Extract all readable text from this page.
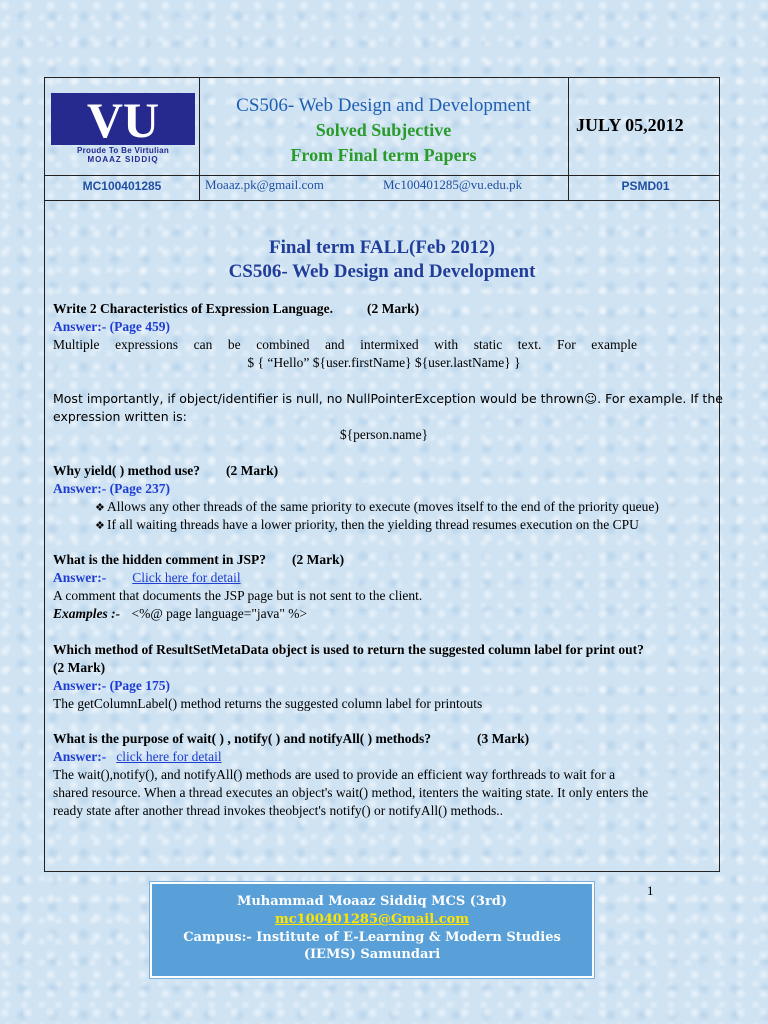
VU
Proude To Be Virtulian
MOAAZ SIDDIQ
CS506- Web Design and Development
Solved Subjective
From Final term Papers
JULY 05,2012
MC100401285	Moaaz.pk@gmail.com	Mc100401285@vu.edu.pk	PSMD01
Final term FALL(Feb 2012)
CS506- Web Design and Development
Write 2 Characteristics of Expression Language.	(2 Mark)
Answer:- (Page 459)
Multiple expressions can be combined and intermixed with static text. For example
$ { “Hello” ${user.firstName} ${user.lastName} }
Most importantly, if object/identifier is null, no NullPointerException would be thrown☺. For example. If the
expression written is:
${person.name}
Why yield( ) method use? (2 Mark)
Answer:- (Page 237)
❖ Allows any other threads of the same priority to execute (moves itself to the end of the priority queue)
❖ If all waiting threads have a lower priority, then the yielding thread resumes execution on the CPU
What is the hidden comment in JSP? (2 Mark)
Answer:- Click here for detail
A comment that documents the JSP page but is not sent to the client.
Examples :- <%@ page language="java" %>
Which method of ResultSetMetaData object is used to return the suggested column label for print out?
(2 Mark)
Answer:- (Page 175)
The getColumnLabel() method returns the suggested column label for printouts
What is the purpose of wait( ) , notify( ) and notifyAll( ) methods?	(3 Mark)
Answer:- click here for detail
The wait(),notify(), and notifyAll() methods are used to provide an efficient way forthreads to wait for a
shared resource. When a thread executes an object's wait() method, itenters the waiting state. It only enters the
ready state after another thread invokes theobject's notify() or notifyAll() methods..
1
Muhammad Moaaz Siddiq MCS (3rd)
mc100401285@Gmail.com
Campus:- Institute of E-Learning & Modern Studies
(IEMS) Samundari
